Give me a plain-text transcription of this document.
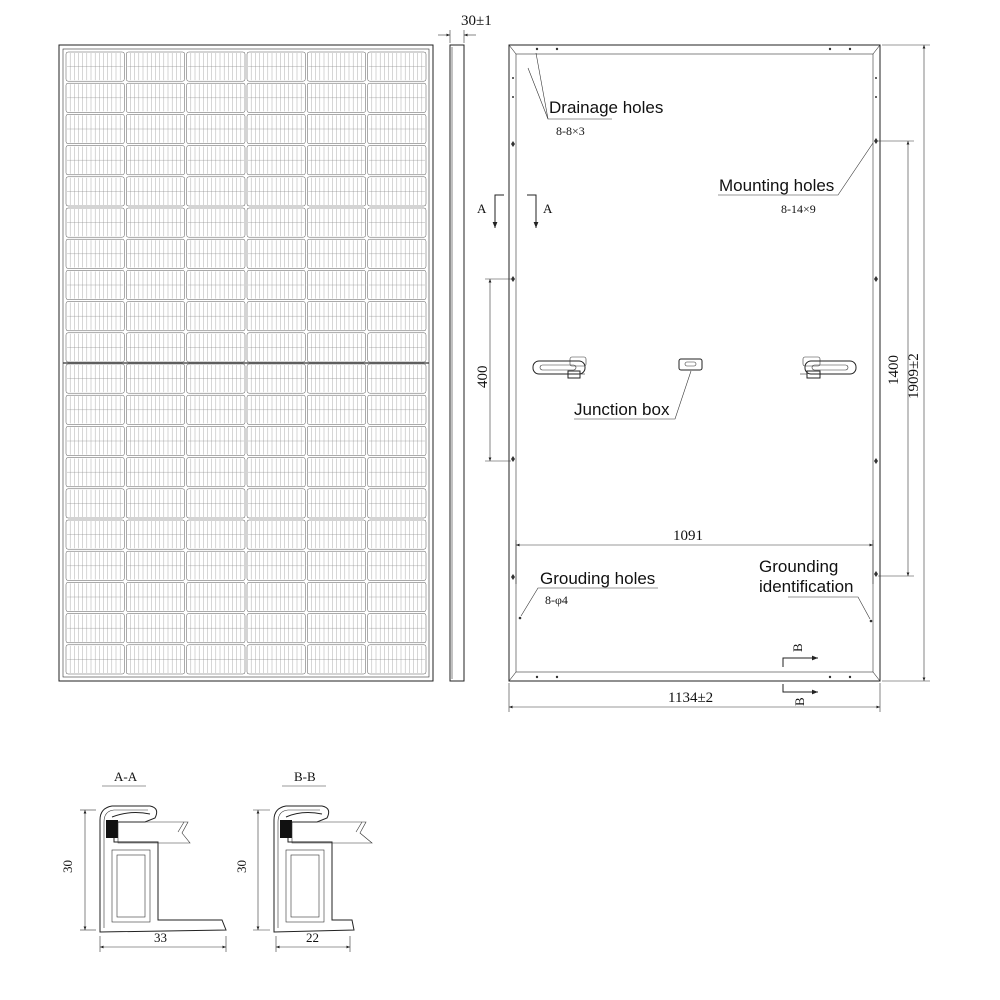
30±1
Drainage holes
8-8×3
Mounting holes
8-14×9
Junction box
Grouding holes
8-φ4
Grounding
identification
A	A
B
B
400	1400 1909±2
1091
1134±2
A-A
30
33
B-B
30
22
